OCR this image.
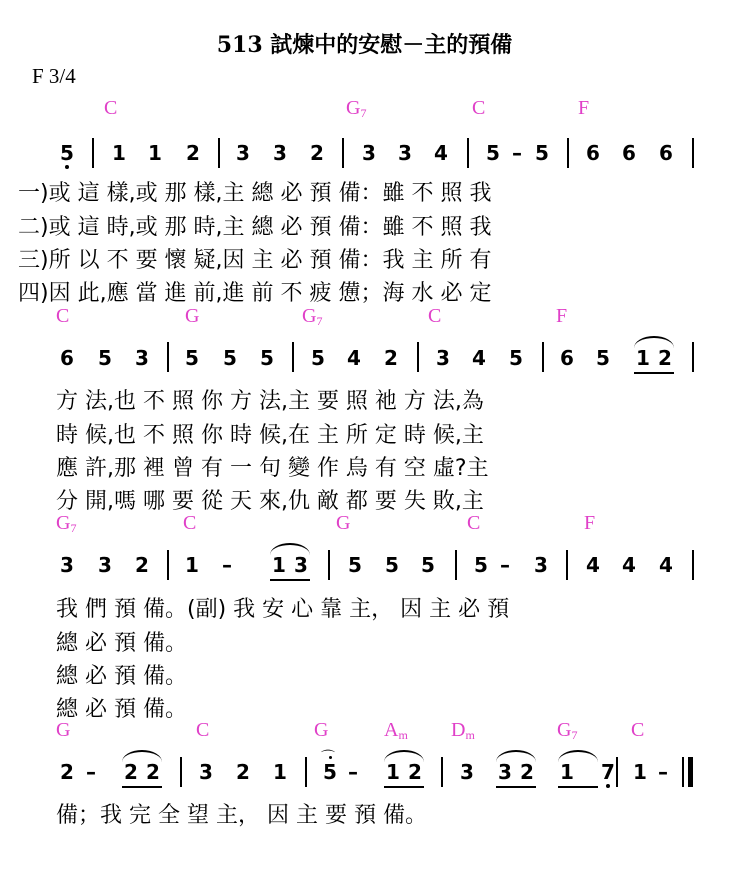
513 試煉中的安慰－主的預備
F 3/4
C	$G_7$	C	F
5 1 1 2 3 3 2 3 3 4 5 – 5 6 6 6
一)或 這 樣,或 那 樣,主 總 必 預 備：雖 不 照 我
二)或 這 時,或 那 時,主 總 必 預 備：雖 不 照 我
三)所 以 不 要 懷 疑,因 主 必 預 備：我 主 所 有
四)因 此,應 當 進 前,進 前 不 疲 憊；海 水 必 定
C	G	$G_7$	C	F
6 5 3 5 5 5 5 4 2 3 4 5 6 5 1 2
方 法,也 不 照 你 方 法,主 要 照 祂 方 法,為
時 候,也 不 照 你 時 候,在 主 所 定 時 候,主
應 許,那 裡 曾 有 一 句 變 作 烏 有 空 虛?主
分 開,嗎 哪 要 從 天 來,仇 敵 都 要 失 敗,主
$G_7$	C	G	C	F
3 3 2 1 – 1 3 5 5 5 5 – 3 4 4 4
我 們 預 備。(副) 我 安 心 靠 主， 因 主 必 預
總 必 預 備。
總 必 預 備。
總 必 預 備。
G	C	G	$A_m$ $D_m$	$G_7$	C
2 – 2 2 3 2 1
⌒ 5 – 1 2 3 3 2 1 7 1 –
備；我 完 全 望 主， 因 主 要 預 備。
